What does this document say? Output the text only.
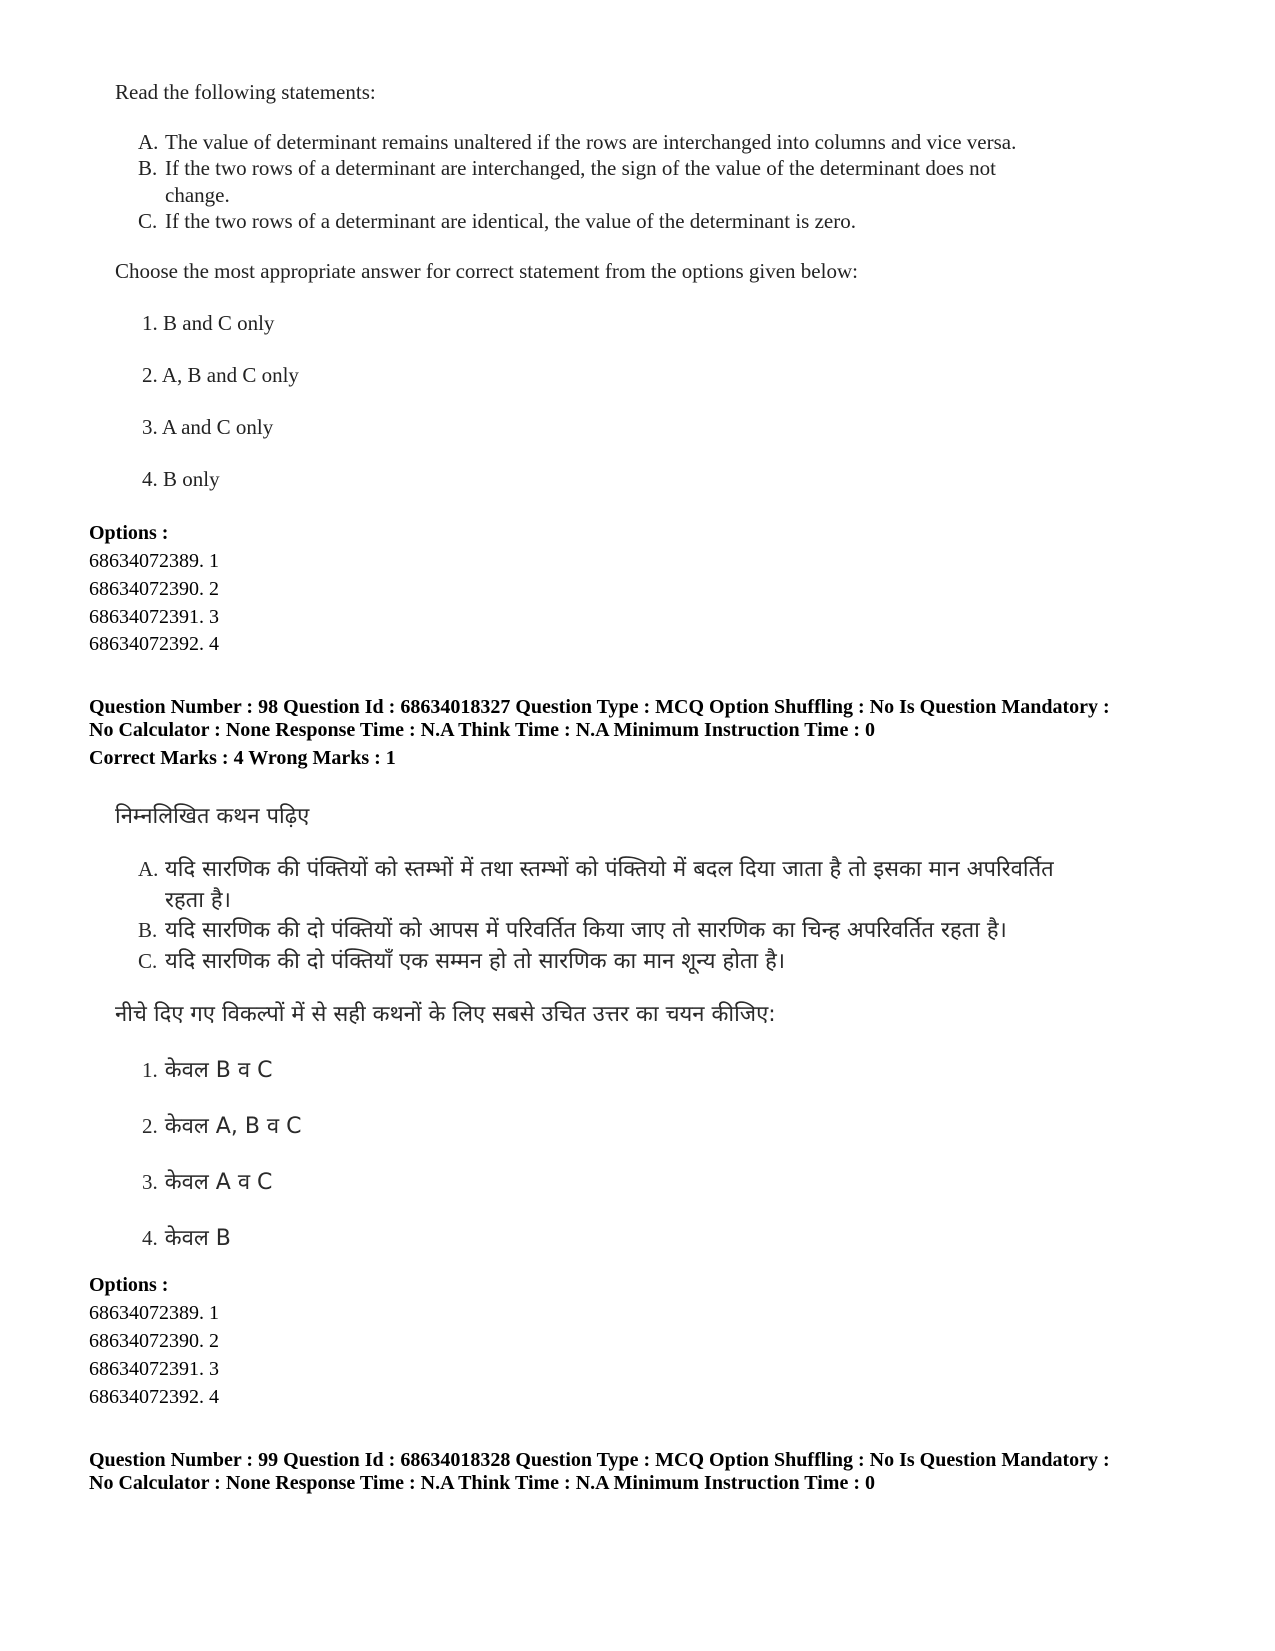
Read the following statements:
A. The value of determinant remains unaltered if the rows are interchanged into columns and vice versa.
B. If the two rows of a determinant are interchanged, the sign of the value of the determinant does not
change.
C. If the two rows of a determinant are identical, the value of the determinant is zero.
Choose the most appropriate answer for correct statement from the options given below:
1. B and C only
2. A, B and C only
3. A and C only
4. B only
Options :
68634072389. 1
68634072390. 2
68634072391. 3
68634072392. 4
Question Number : 98 Question Id : 68634018327 Question Type : MCQ Option Shuffling : No Is Question Mandatory :
No Calculator : None Response Time : N.A Think Time : N.A Minimum Instruction Time : 0
Correct Marks : 4 Wrong Marks : 1
निम्नलिखित कथन पढ़िए
A. यदि सारणिक की पंक्तियों को स्तम्भों में तथा स्तम्भों को पंक्तियो में बदल दिया जाता है तो इसका मान अपरिवर्तित
रहता है।
B. यदि सारणिक की दो पंक्तियों को आपस में परिवर्तित किया जाए तो सारणिक का चिन्ह अपरिवर्तित रहता है।
C. यदि सारणिक की दो पंक्तियाँ एक सम्मन हो तो सारणिक का मान शून्य होता है।
नीचे दिए गए विकल्पों में से सही कथनों के लिए सबसे उचित उत्तर का चयन कीजिए:
1. केवल B व C
2. केवल A, B व C
3. केवल A व C
4. केवल B
Options :
68634072389. 1
68634072390. 2
68634072391. 3
68634072392. 4
Question Number : 99 Question Id : 68634018328 Question Type : MCQ Option Shuffling : No Is Question Mandatory :
No Calculator : None Response Time : N.A Think Time : N.A Minimum Instruction Time : 0
